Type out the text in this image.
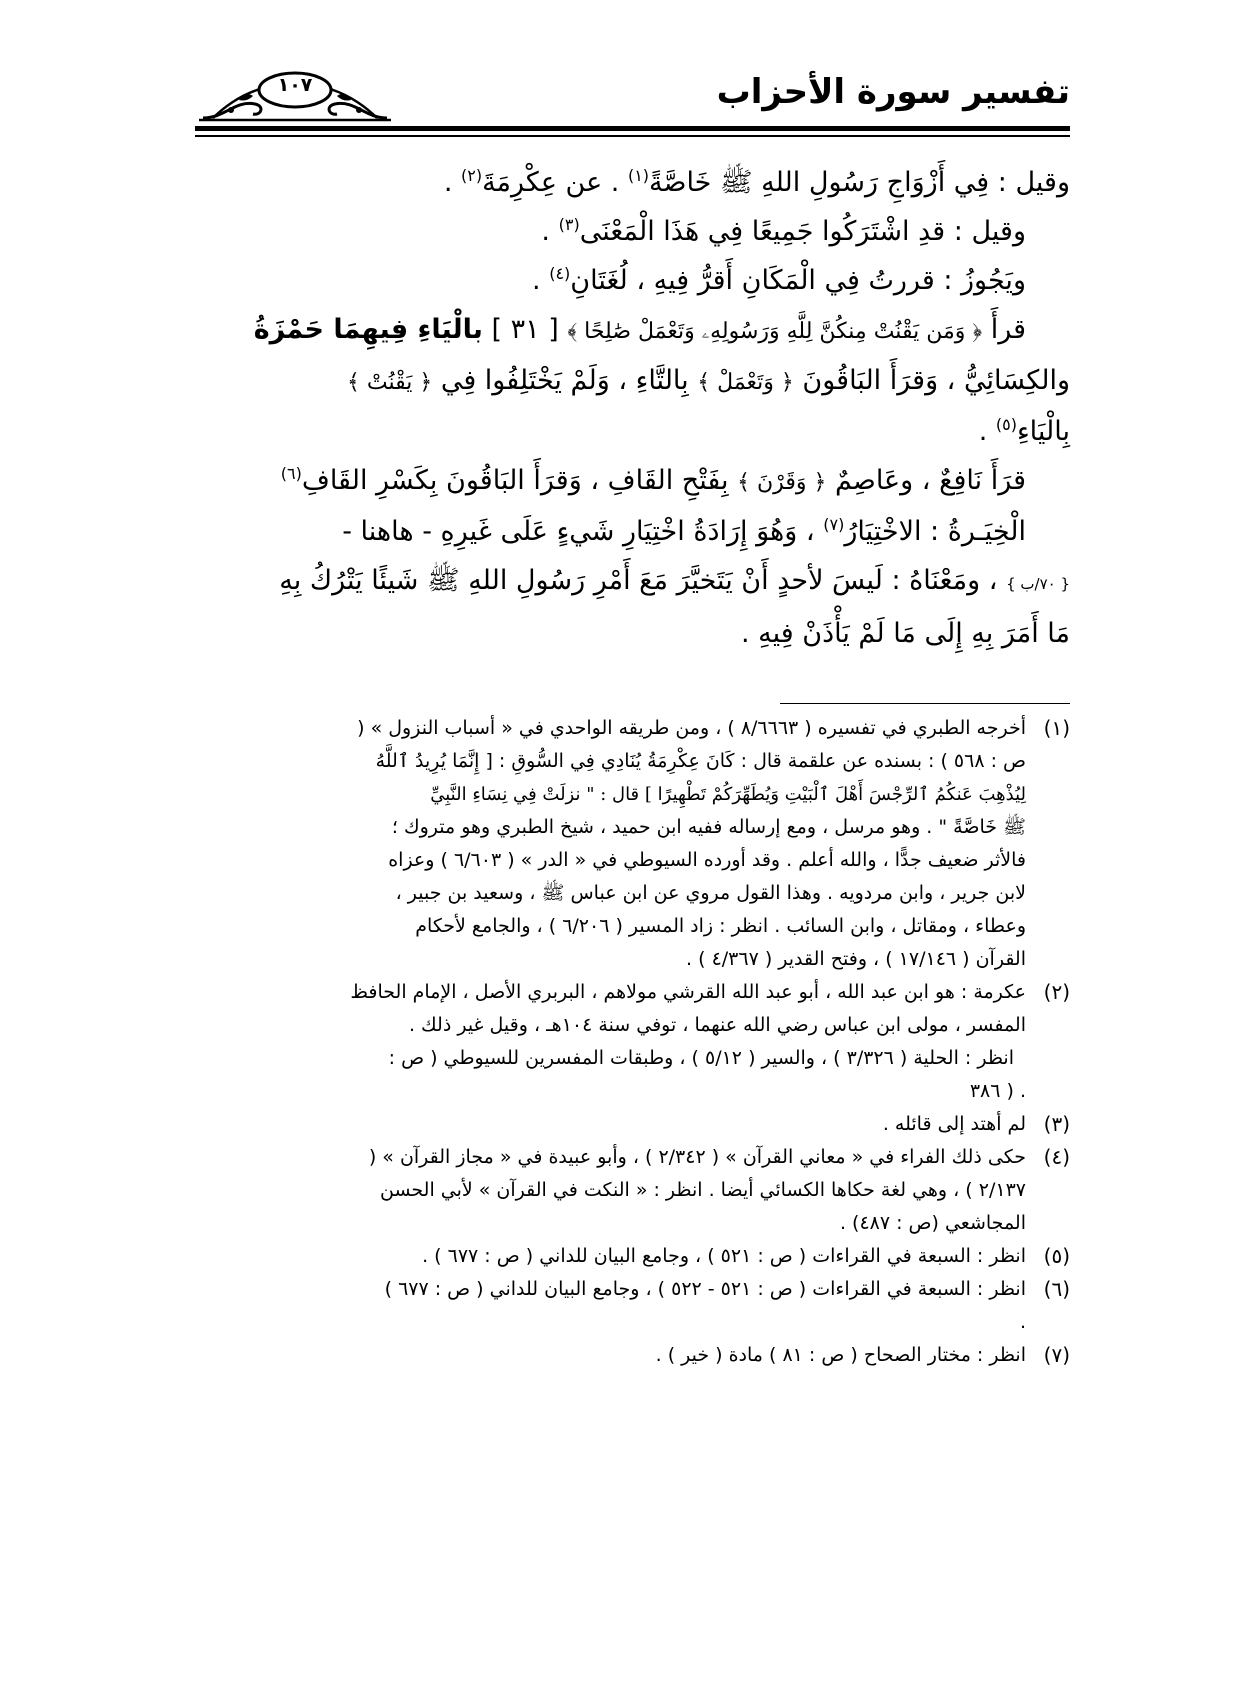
تفسير سورة الأحزاب
١٠٧
وقيل : فِي أَزْوَاجِ رَسُولِ اللهِ ﷺ خَاصَّةً$^{(١)}$ . عن عِكْرِمَةَ$^{(٢)}$ .
وقيل : قدِ اشْتَرَكُوا جَمِيعًا فِي هَذَا الْمَعْنَى$^{(٣)}$ .
ويَجُوزُ : قررتُ فِي الْمَكَانِ أَقرُّ فِيهِ ، لُغَتَانِ$^{(٤)}$ .
قرأَ ﴿ وَمَن يَقْنُتْ مِنكُنَّ لِلَّهِ وَرَسُولِهِۦ وَتَعْمَلْ صَٰلِحًا ﴾ [ ٣١ ] بالْيَاءِ فِيهِمَا حَمْزَةُ
والكِسَائِيُّ ، وَقرَأَ البَاقُونَ ﴿ وَتَعْمَلْ ﴾ بِالتَّاءِ ، وَلَمْ يَخْتَلِفُوا فِي ﴿ يَقْنُتْ ﴾
بِالْيَاءِ$^{(٥)}$ .
قرَأَ نَافِعٌ ، وعَاصِمٌ ﴿ وَقَرْنَ ﴾ بِفَتْحِ القَافِ ، وَقرَأَ البَاقُونَ بِكَسْرِ القَافِ$^{(٦)}$
الْخِيَـرةُ : الاخْتِيَارُ$^{(٧)}$ ، وَهُوَ إِرَادَةُ اخْتِيَارِ شَيءٍ عَلَى غَيرِهِ - هاهنا -
{ ٧٠/ب } ، ومَعْنَاهُ : لَيسَ لأحدٍ أَنْ يَتَخيَّرَ مَعَ أَمْرِ رَسُولِ اللهِ ﷺ شَيئًا يَتْرُكُ بِهِ
مَا أَمَرَ بِهِ إِلَى مَا لَمْ يَأْذَنْ فِيهِ .
(١)
أخرجه الطبري في تفسيره ( ٨/٦٦٦٣ ) ، ومن طريقه الواحدي في « أسباب النزول » (
ص : ٥٦٨ ) : بسنده عن علقمة قال : كَانَ عِكْرِمَةُ يُنَادِي فِي السُّوقِ : [ إِنَّمَا يُرِيدُ ٱللَّهُ
لِيُذْهِبَ عَنكُمُ ٱلرِّجْسَ أَهْلَ ٱلْبَيْتِ وَيُطَهِّرَكُمْ تَطْهِيرًا ] قال : " نزلَتْ فِي نِسَاءِ النَّبِيِّ
ﷺ خَاصَّةً " . وهو مرسل ، ومع إرساله ففيه ابن حميد ، شيخ الطبري وهو متروك ؛
فالأثر ضعيف جدًّا ، والله أعلم . وقد أورده السيوطي في « الدر » ( ٦/٦٠٣ ) وعزاه
لابن جرير ، وابن مردويه . وهذا القول مروي عن ابن عباس ﷺ ، وسعيد بن جبير ،
وعطاء ، ومقاتل ، وابن السائب . انظر : زاد المسير ( ٦/٢٠٦ ) ، والجامع لأحكام
القرآن ( ١٧/١٤٦ ) ، وفتح القدير ( ٤/٣٦٧ ) .
(٢)
عكرمة : هو ابن عبد الله ، أبو عبد الله القرشي مولاهم ، البربري الأصل ، الإمام الحافظ
المفسر ، مولى ابن عباس رضي الله عنهما ، توفي سنة ١٠٤هـ ، وقيل غير ذلك .
انظر : الحلية ( ٣/٣٢٦ ) ، والسير ( ٥/١٢ ) ، وطبقات المفسرين للسيوطي ( ص :
. ( ٣٨٦
(٣)
لم أهتد إلى قائله .
(٤)
حكى ذلك الفراء في « معاني القرآن » ( ٢/٣٤٢ ) ، وأبو عبيدة في « مجاز القرآن » (
٢/١٣٧ ) ، وهي لغة حكاها الكسائي أيضا . انظر : « النكت في القرآن » لأبي الحسن
المجاشعي (ص : ٤٨٧) .
(٥)
انظر : السبعة في القراءات ( ص : ٥٢١ ) ، وجامع البيان للداني ( ص : ٦٧٧ ) .
(٦)
انظر : السبعة في القراءات ( ص : ٥٢١ - ٥٢٢ ) ، وجامع البيان للداني ( ص : ٦٧٧ )
.
(٧)
انظر : مختار الصحاح ( ص : ٨١ ) مادة ( خير ) .
